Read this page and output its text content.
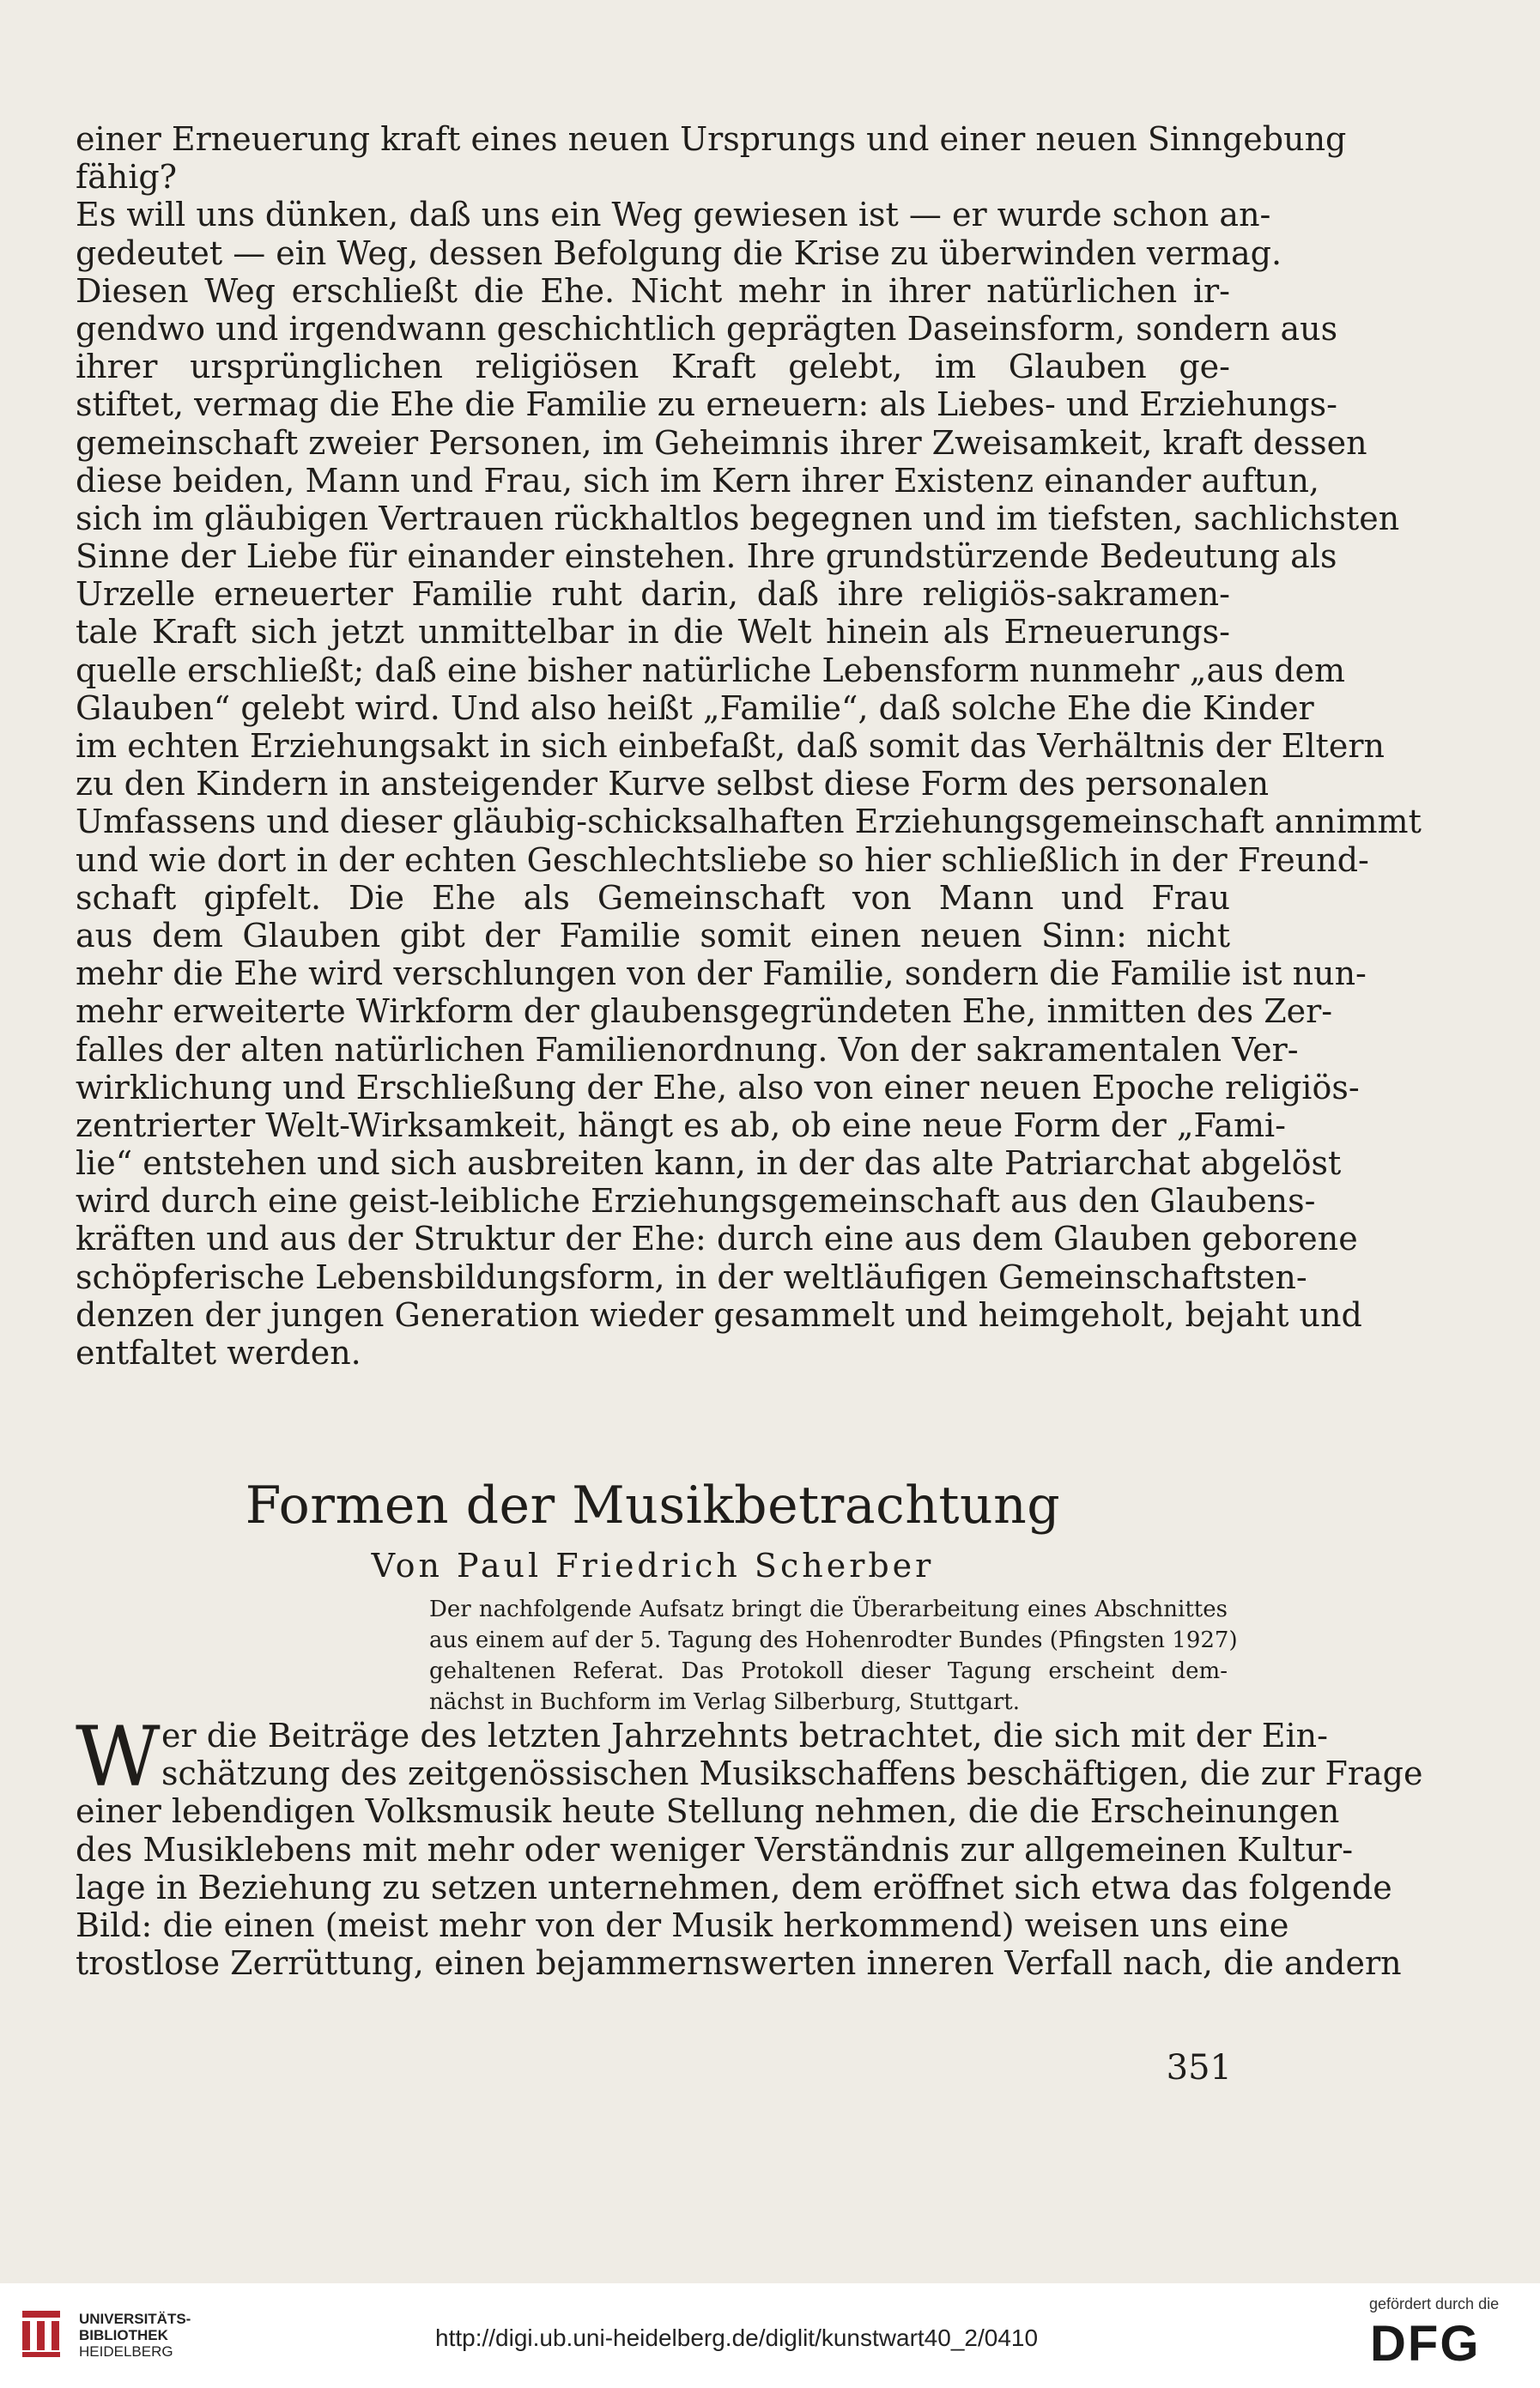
einer Erneuerung kraft eines neuen Ursprungs und einer neuen Sinngebung
fähig?
Es will uns dünken, daß uns ein Weg gewiesen ist — er wurde schon an-
gedeutet — ein Weg, dessen Befolgung die Krise zu überwinden vermag.
Diesen Weg erschließt die Ehe. Nicht mehr in ihrer natürlichen ir-
gendwo und irgendwann geschichtlich geprägten Daseinsform, sondern aus
ihrer ursprünglichen religiösen Kraft gelebt, im Glauben ge-
stiftet, vermag die Ehe die Familie zu erneuern: als Liebes- und Erziehungs-
gemeinschaft zweier Personen, im Geheimnis ihrer Zweisamkeit, kraft dessen
diese beiden, Mann und Frau, sich im Kern ihrer Existenz einander auftun,
sich im gläubigen Vertrauen rückhaltlos begegnen und im tiefsten, sachlichsten
Sinne der Liebe für einander einstehen. Ihre grundstürzende Bedeutung als
Urzelle erneuerter Familie ruht darin, daß ihre religiös-sakramen-
tale Kraft sich jetzt unmittelbar in die Welt hinein als Erneuerungs-
quelle erschließt; daß eine bisher natürliche Lebensform nunmehr „aus dem
Glauben“ gelebt wird. Und also heißt „Familie“, daß solche Ehe die Kinder
im echten Erziehungsakt in sich einbefaßt, daß somit das Verhältnis der Eltern
zu den Kindern in ansteigender Kurve selbst diese Form des personalen
Umfassens und dieser gläubig-schicksalhaften Erziehungsgemeinschaft annimmt
und wie dort in der echten Geschlechtsliebe so hier schließlich in der Freund-
schaft gipfelt. Die Ehe als Gemeinschaft von Mann und Frau
aus dem Glauben gibt der Familie somit einen neuen Sinn: nicht
mehr die Ehe wird verschlungen von der Familie, sondern die Familie ist nun-
mehr erweiterte Wirkform der glaubensgegründeten Ehe, inmitten des Zer-
falles der alten natürlichen Familienordnung. Von der sakramentalen Ver-
wirklichung und Erschließung der Ehe, also von einer neuen Epoche religiös-
zentrierter Welt-Wirksamkeit, hängt es ab, ob eine neue Form der „Fami-
lie“ entstehen und sich ausbreiten kann, in der das alte Patriarchat abgelöst
wird durch eine geist-leibliche Erziehungsgemeinschaft aus den Glaubens-
kräften und aus der Struktur der Ehe: durch eine aus dem Glauben geborene
schöpferische Lebensbildungsform, in der weltläufigen Gemeinschaftsten-
denzen der jungen Generation wieder gesammelt und heimgeholt, bejaht und
entfaltet werden.
Formen der Musikbetrachtung
Von Paul Friedrich Scherber
Der nachfolgende Aufsatz bringt die Überarbeitung eines Abschnittes
aus einem auf der 5. Tagung des Hohenrodter Bundes (Pfingsten 1927)
gehaltenen Referat. Das Protokoll dieser Tagung erscheint dem-
nächst in Buchform im Verlag Silberburg, Stuttgart.
W er die Beiträge des letzten Jahrzehnts betrachtet, die sich mit der Ein-
schätzung des zeitgenössischen Musikschaffens beschäftigen, die zur Frage
einer lebendigen Volksmusik heute Stellung nehmen, die die Erscheinungen
des Musiklebens mit mehr oder weniger Verständnis zur allgemeinen Kultur-
lage in Beziehung zu setzen unternehmen, dem eröffnet sich etwa das folgende
Bild: die einen (meist mehr von der Musik herkommend) weisen uns eine
trostlose Zerrüttung, einen bejammernswerten inneren Verfall nach, die andern
351
UNIVERSITÄTS-
BIBLIOTHEK
HEIDELBERG
http://digi.ub.uni-heidelberg.de/diglit/kunstwart40_2/0410
gefördert durch die
DFG
